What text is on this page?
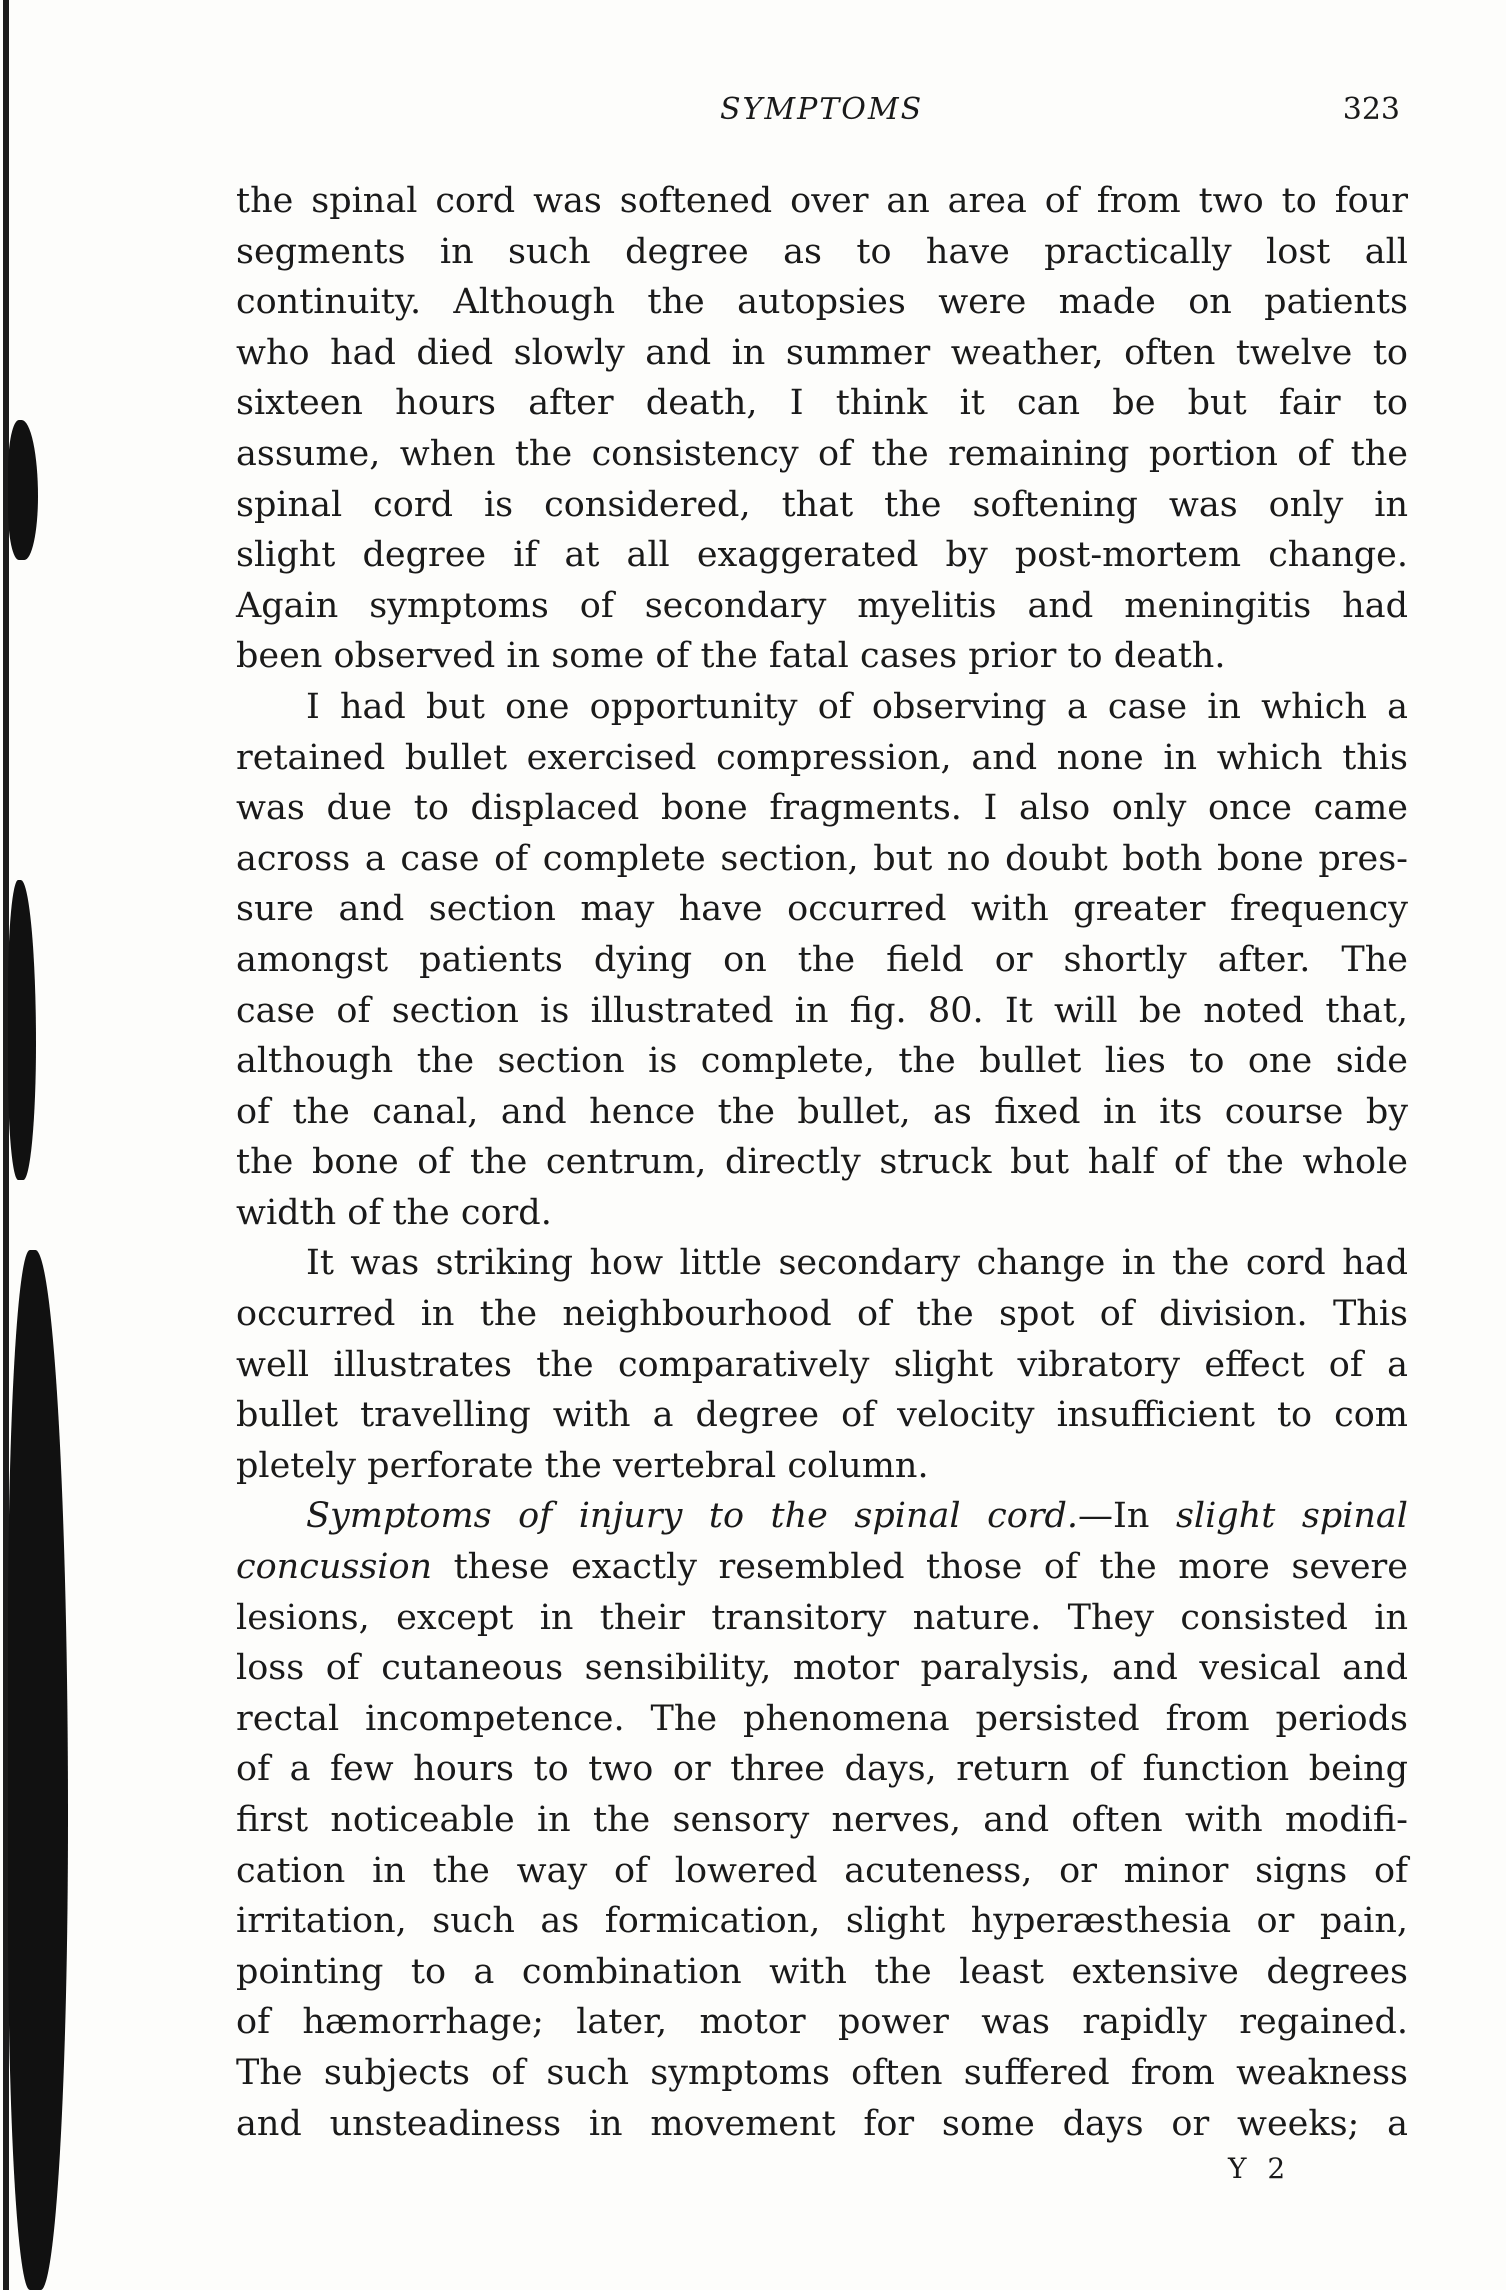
SYMPTOMS	323
the spinal cord was softened over an area of from two to four
segments in such degree as to have practically lost all
continuity. Although the autopsies were made on patients
who had died slowly and in summer weather, often twelve to
sixteen hours after death, I think it can be but fair to
assume, when the consistency of the remaining portion of the
spinal cord is considered, that the softening was only in
slight degree if at all exaggerated by post-mortem change.
Again symptoms of secondary myelitis and meningitis had
been observed in some of the fatal cases prior to death.
I had but one opportunity of observing a case in which a
retained bullet exercised compression, and none in which this
was due to displaced bone fragments. I also only once came
across a case of complete section, but no doubt both bone pres-
sure and section may have occurred with greater frequency
amongst patients dying on the field or shortly after. The
case of section is illustrated in fig. 80. It will be noted that,
although the section is complete, the bullet lies to one side
of the canal, and hence the bullet, as fixed in its course by
the bone of the centrum, directly struck but half of the whole
width of the cord.
It was striking how little secondary change in the cord had
occurred in the neighbourhood of the spot of division. This
well illustrates the comparatively slight vibratory effect of a
bullet travelling with a degree of velocity insufficient to com
pletely perforate the vertebral column.
Symptoms of injury to the spinal cord.—In slight spinal
concussion these exactly resembled those of the more severe
lesions, except in their transitory nature. They consisted in
loss of cutaneous sensibility, motor paralysis, and vesical and
rectal incompetence. The phenomena persisted from periods
of a few hours to two or three days, return of function being
first noticeable in the sensory nerves, and often with modifi-
cation in the way of lowered acuteness, or minor signs of
irritation, such as formication, slight hyperæsthesia or pain,
pointing to a combination with the least extensive degrees
of hæmorrhage; later, motor power was rapidly regained.
The subjects of such symptoms often suffered from weakness
and unsteadiness in movement for some days or weeks; a
Y 2
